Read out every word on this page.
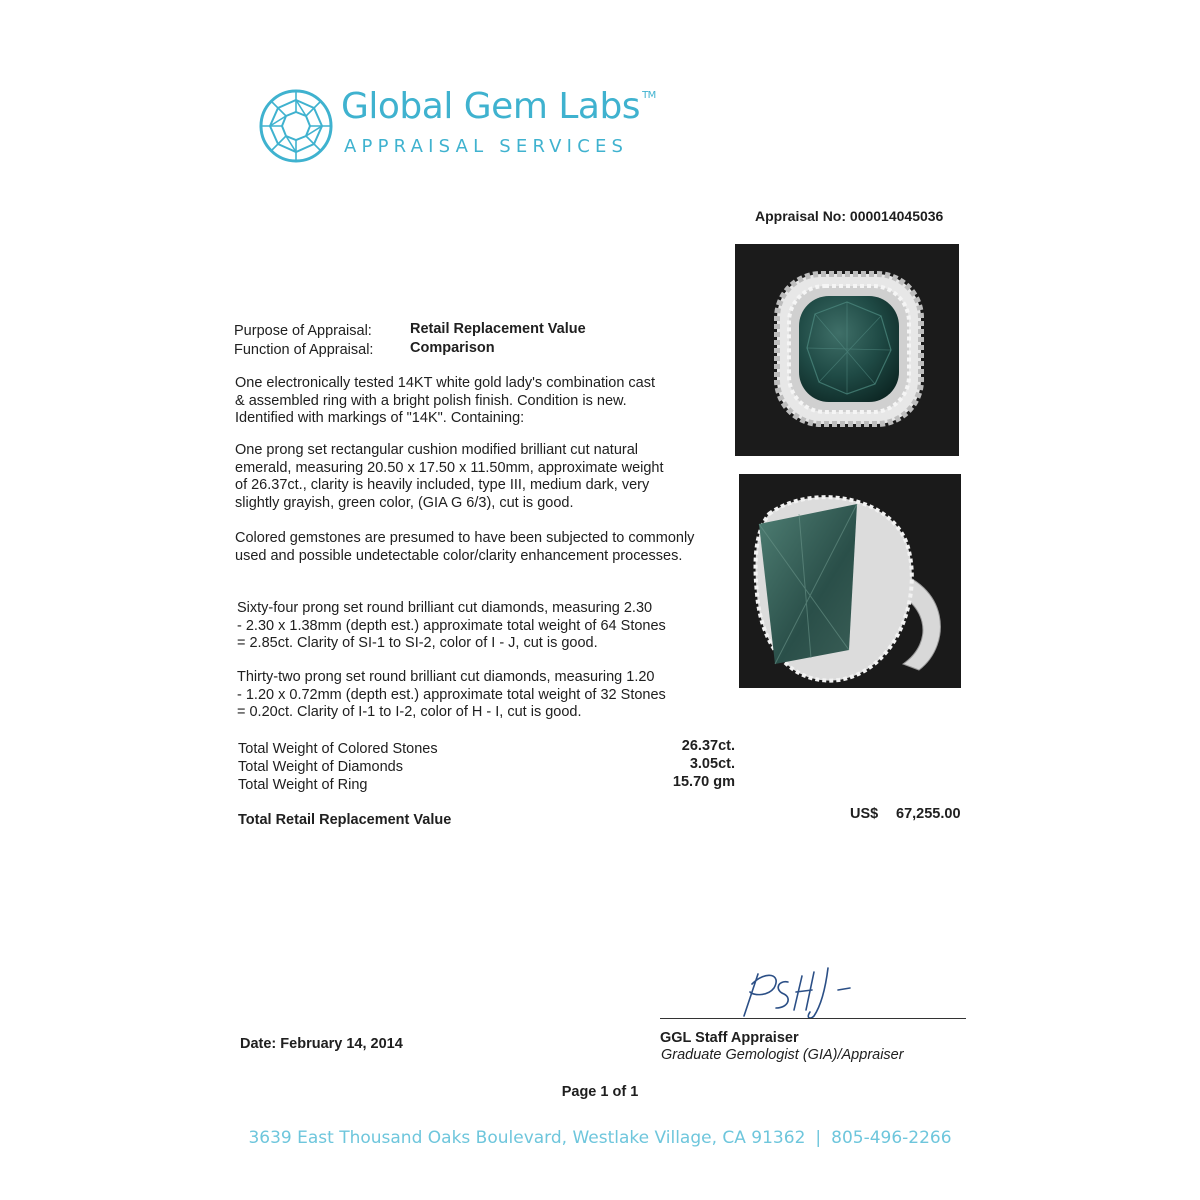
Global Gem Labs ™
APPRAISAL SERVICES
Appraisal No: 000014045036
Purpose of Appraisal:	Retail Replacement Value
Function of Appraisal:	Comparison
One electronically tested 14KT white gold lady's combination cast
& assembled ring with a bright polish finish. Condition is new.
Identified with markings of "14K". Containing:
One prong set rectangular cushion modified brilliant cut natural
emerald, measuring 20.50 x 17.50 x 11.50mm, approximate weight
of 26.37ct., clarity is heavily included, type III, medium dark, very
slightly grayish, green color, (GIA G 6/3), cut is good.
Colored gemstones are presumed to have been subjected to commonly
used and possible undetectable color/clarity enhancement processes.
Sixty-four prong set round brilliant cut diamonds, measuring 2.30
- 2.30 x 1.38mm (depth est.) approximate total weight of 64 Stones
= 2.85ct. Clarity of SI-1 to SI-2, color of I - J, cut is good.
Thirty-two prong set round brilliant cut diamonds, measuring 1.20
- 1.20 x 0.72mm (depth est.) approximate total weight of 32 Stones
= 0.20ct. Clarity of I-1 to I-2, color of H - I, cut is good.
Total Weight of Colored Stones	26.37ct.
Total Weight of Diamonds	3.05ct.
Total Weight of Ring	15.70 gm
Total Retail Replacement Value	US$ 67,255.00
GGL Staff Appraiser
Graduate Gemologist (GIA)/Appraiser
Date: February 14, 2014
Page 1 of 1
3639 East Thousand Oaks Boulevard, Westlake Village, CA 91362 | 805-496-2266
